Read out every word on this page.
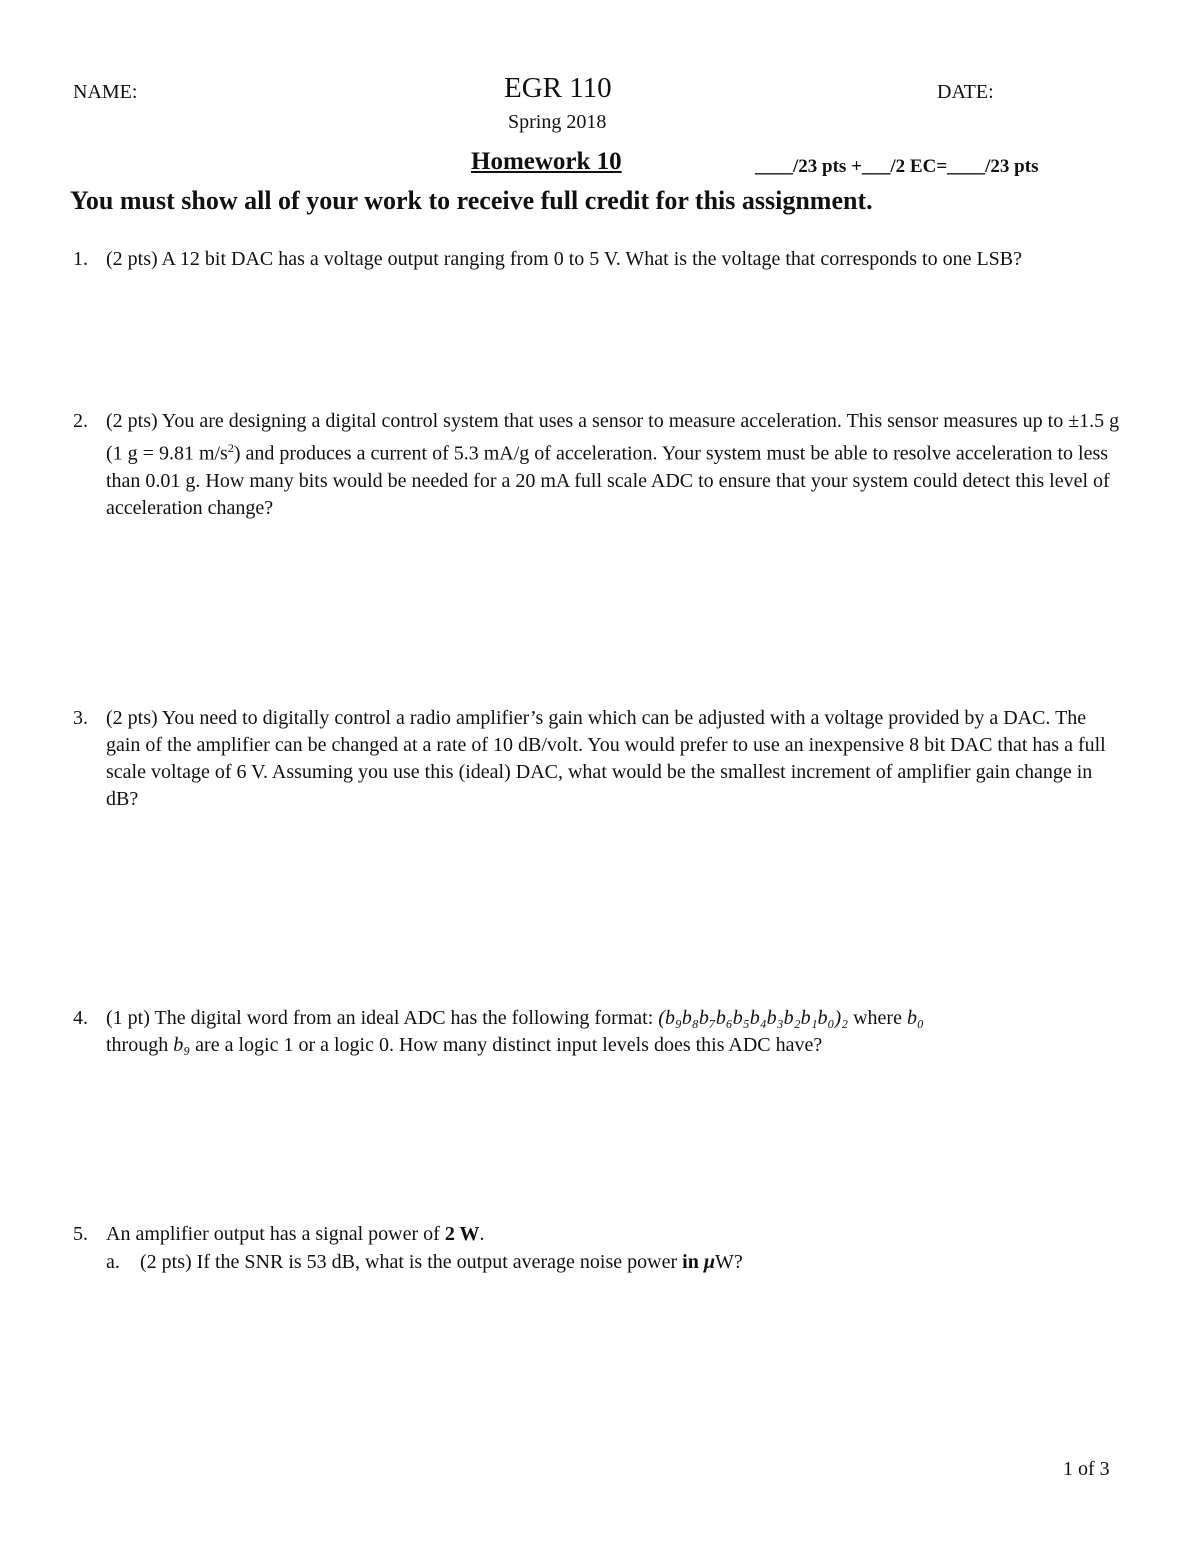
NAME:	EGR 110	DATE:
Spring 2018
Homework 10	____/23 pts +___/2 EC=____/23 pts
You must show all of your work to receive full credit for this assignment.
1. (2 pts) A 12 bit DAC has a voltage output ranging from 0 to 5 V. What is the voltage that corresponds to one LSB?
2. (2 pts) You are designing a digital control system that uses a sensor to measure acceleration. This sensor measures up to ±1.5 g (1 g = 9.81 $m/s^2$) and produces a current of 5.3 mA/g of acceleration. Your system must be able to resolve acceleration to less than 0.01 g. How many bits would be needed for a 20 mA full scale ADC to ensure that your system could detect this level of acceleration change?
3. (2 pts) You need to digitally control a radio amplifier’s gain which can be adjusted with a voltage provided by a DAC. The gain of the amplifier can be changed at a rate of 10 dB/volt. You would prefer to use an inexpensive 8 bit DAC that has a full scale voltage of 6 V. Assuming you use this (ideal) DAC, what would be the smallest increment of amplifier gain change in dB?
4. (1 pt) The digital word from an ideal ADC has the following format: (b₉b₈b₇b₆b₅b₄b₃b₂b₁b₀)₂ where b₀
through b₉ are a logic 1 or a logic 0. How many distinct input levels does this ADC have?
5. An amplifier output has a signal power of 2 W.
a. (2 pts) If the SNR is 53 dB, what is the output average noise power in μW?
1 of 3
